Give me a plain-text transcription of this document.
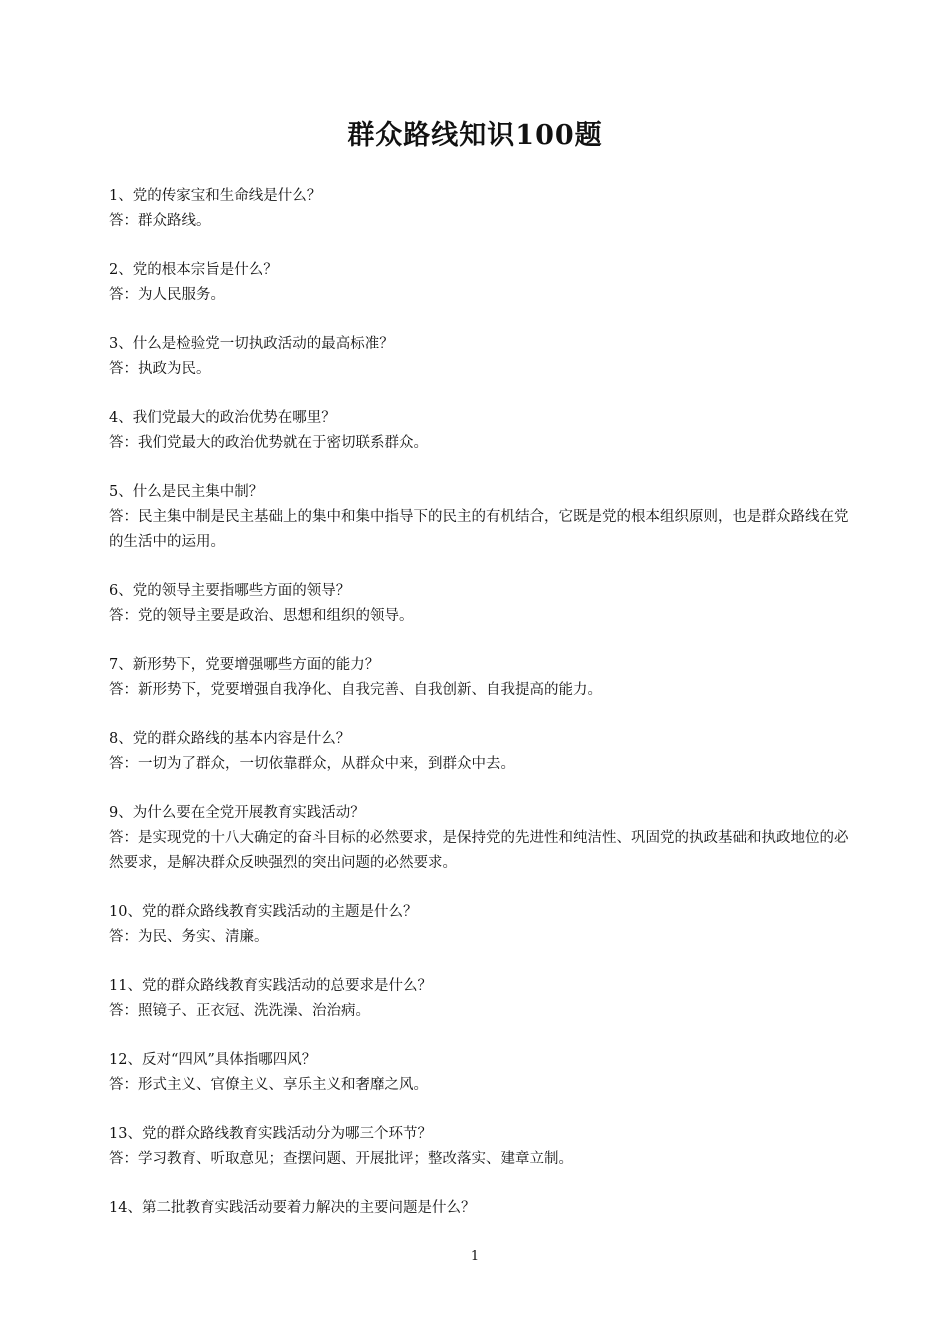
群众路线知识100题
1、党的传家宝和生命线是什么？
答：群众路线。
2、党的根本宗旨是什么？
答：为人民服务。
3、什么是检验党一切执政活动的最高标准？
答：执政为民。
4、我们党最大的政治优势在哪里？
答：我们党最大的政治优势就在于密切联系群众。
5、什么是民主集中制？
答：民主集中制是民主基础上的集中和集中指导下的民主的有机结合，它既是党的根本组织原则，也是群众路线在党的生活中的运用。
6、党的领导主要指哪些方面的领导？
答：党的领导主要是政治、思想和组织的领导。
7、新形势下，党要增强哪些方面的能力？
答：新形势下，党要增强自我净化、自我完善、自我创新、自我提高的能力。
8、党的群众路线的基本内容是什么？
答：一切为了群众，一切依靠群众，从群众中来，到群众中去。
9、为什么要在全党开展教育实践活动？
答：是实现党的十八大确定的奋斗目标的必然要求，是保持党的先进性和纯洁性、巩固党的执政基础和执政地位的必然要求，是解决群众反映强烈的突出问题的必然要求。
10、党的群众路线教育实践活动的主题是什么？
答：为民、务实、清廉。
11、党的群众路线教育实践活动的总要求是什么？
答：照镜子、正衣冠、洗洗澡、治治病。
12、反对“四风”具体指哪四风？
答：形式主义、官僚主义、享乐主义和奢靡之风。
13、党的群众路线教育实践活动分为哪三个环节？
答：学习教育、听取意见；查摆问题、开展批评；整改落实、建章立制。
14、第二批教育实践活动要着力解决的主要问题是什么？
1
